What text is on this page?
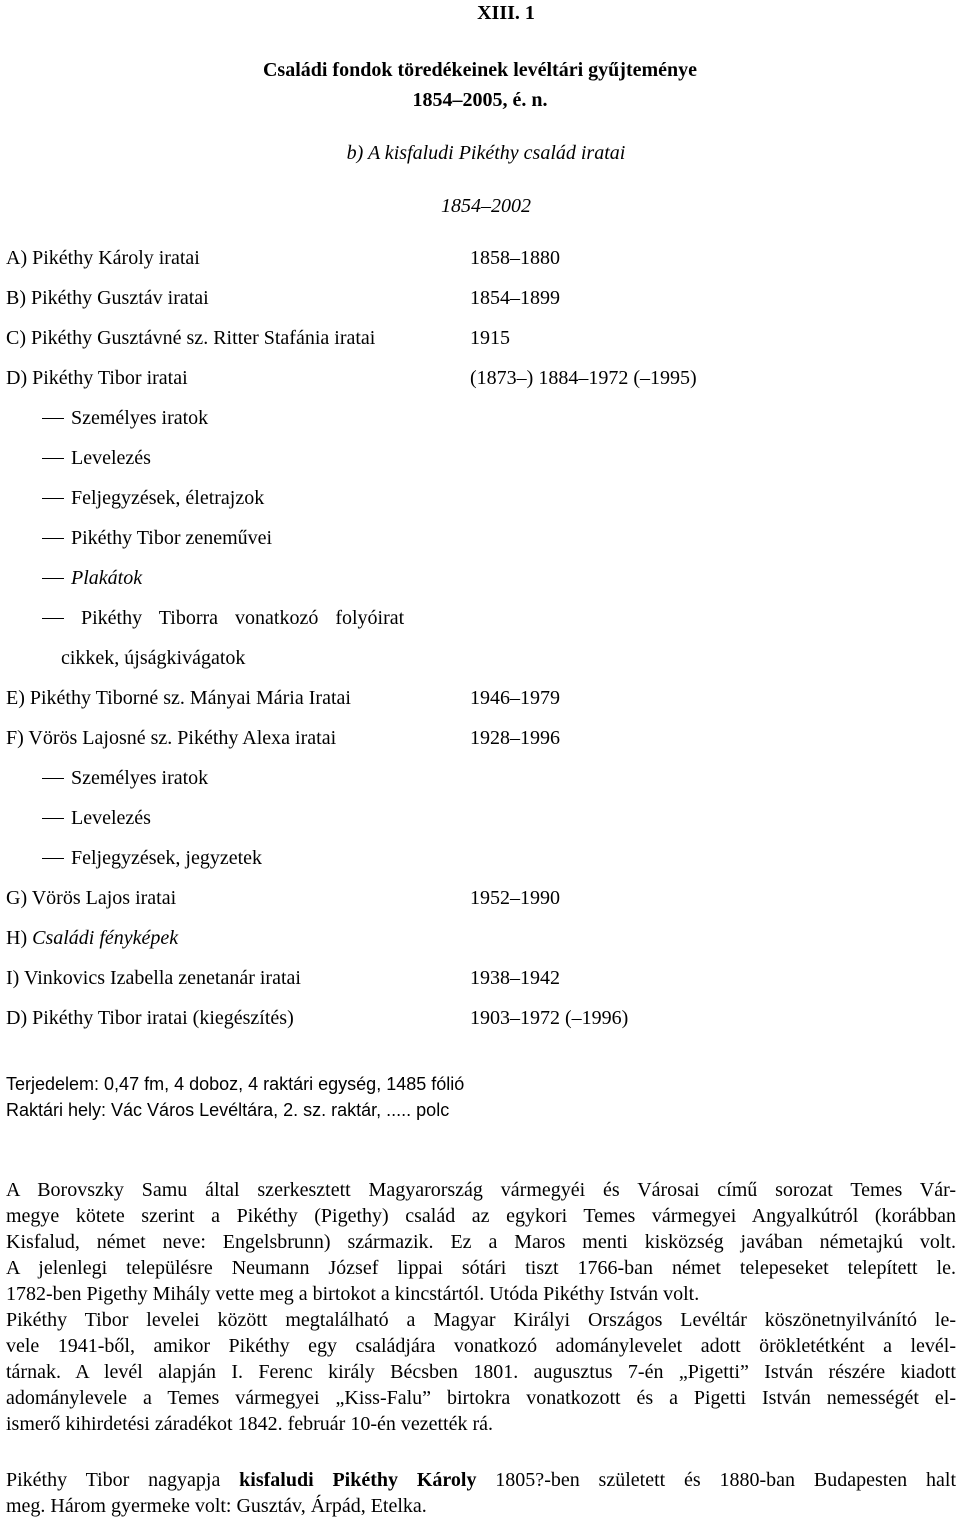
XIII. 1
Családi fondok töredékeinek levéltári gyűjteménye
1854–2005, é. n.
b) A kisfaludi Pikéthy család iratai
1854–2002
A) Pikéthy Károly iratai	1858–1880
B) Pikéthy Gusztáv iratai	1854–1899
C) Pikéthy Gusztávné sz. Ritter Stafánia iratai	1915
D) Pikéthy Tibor iratai	(1873–) 1884–1972 (–1995)
Személyes iratok
Levelezés
Feljegyzések, életrajzok
Pikéthy Tibor zeneművei
Plakátok
Pikéthy Tiborra vonatkozó folyóirat
cikkek, újságkivágatok
E) Pikéthy Tiborné sz. Mányai Mária Iratai	1946–1979
F) Vörös Lajosné sz. Pikéthy Alexa iratai	1928–1996
Személyes iratok
Levelezés
Feljegyzések, jegyzetek
G) Vörös Lajos iratai	1952–1990
H) Családi fényképek
I) Vinkovics Izabella zenetanár iratai	1938–1942
D) Pikéthy Tibor iratai (kiegészítés)	1903–1972 (–1996)
Terjedelem: 0,47 fm, 4 doboz, 4 raktári egység, 1485 fólió
Raktári hely: Vác Város Levéltára, 2. sz. raktár, ..... polc
A Borovszky Samu által szerkesztett Magyarország vármegyéi és Városai című sorozat Temes Vár-
megye kötete szerint a Pikéthy (Pigethy) család az egykori Temes vármegyei Angyalkútról (korábban
Kisfalud, német neve: Engelsbrunn) származik. Ez a Maros menti kisközség javában németajkú volt.
A jelenlegi településre Neumann József lippai sótári tiszt 1766-ban német telepeseket telepített le.
1782-ben Pigethy Mihály vette meg a birtokot a kincstártól. Utóda Pikéthy István volt.
Pikéthy Tibor levelei között megtalálható a Magyar Királyi Országos Levéltár köszönetnyilvánító le-
vele 1941-ből, amikor Pikéthy egy családjára vonatkozó adománylevelet adott örökletétként a levél-
tárnak. A levél alapján I. Ferenc király Bécsben 1801. augusztus 7-én „Pigetti” István részére kiadott
adománylevele a Temes vármegyei „Kiss-Falu” birtokra vonatkozott és a Pigetti István nemességét el-
ismerő kihirdetési záradékot 1842. február 10-én vezették rá.
Pikéthy Tibor nagyapja kisfaludi Pikéthy Károly 1805?-ben született és 1880-ban Budapesten halt
meg. Három gyermeke volt: Gusztáv, Árpád, Etelka.
